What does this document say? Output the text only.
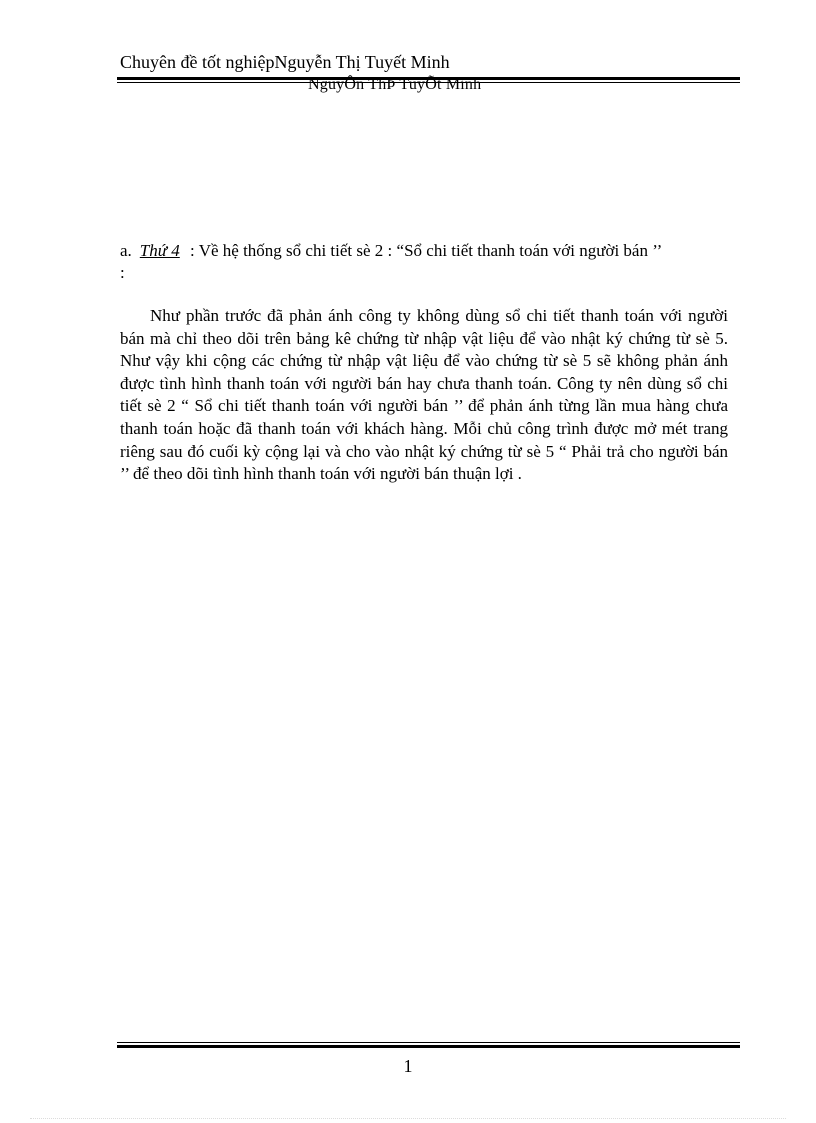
Chuyên đề tốt nghiệpNguyễn Thị Tuyết Minh
NguyÔn ThÞ TuyÕt Minh
a. Thứ 4 : Về hệ thống sổ chi tiết sè 2 : “Sổ chi tiết thanh toán với người bán ’’
:
Như phần trước đã phản ánh công ty không dùng sổ chi tiết thanh toán với người bán mà chỉ theo dõi trên bảng kê chứng từ nhập vật liệu để vào nhật ký chứng từ sè 5. Như vậy khi cộng các chứng từ nhập vật liệu để vào chứng từ sè 5 sẽ không phản ánh được tình hình thanh toán với người bán hay chưa thanh toán. Công ty nên dùng sổ chi tiết sè 2 “ Sổ chi tiết thanh toán với người bán ’’ để phản ánh từng lần mua hàng chưa thanh toán hoặc đã thanh toán với khách hàng. Mỗi chủ công trình được mở mét trang riêng sau đó cuối kỳ cộng lại và cho vào nhật ký chứng từ sè 5 “ Phải trả cho người bán ’’ để theo dõi tình hình thanh toán với người bán thuận lợi .
1
